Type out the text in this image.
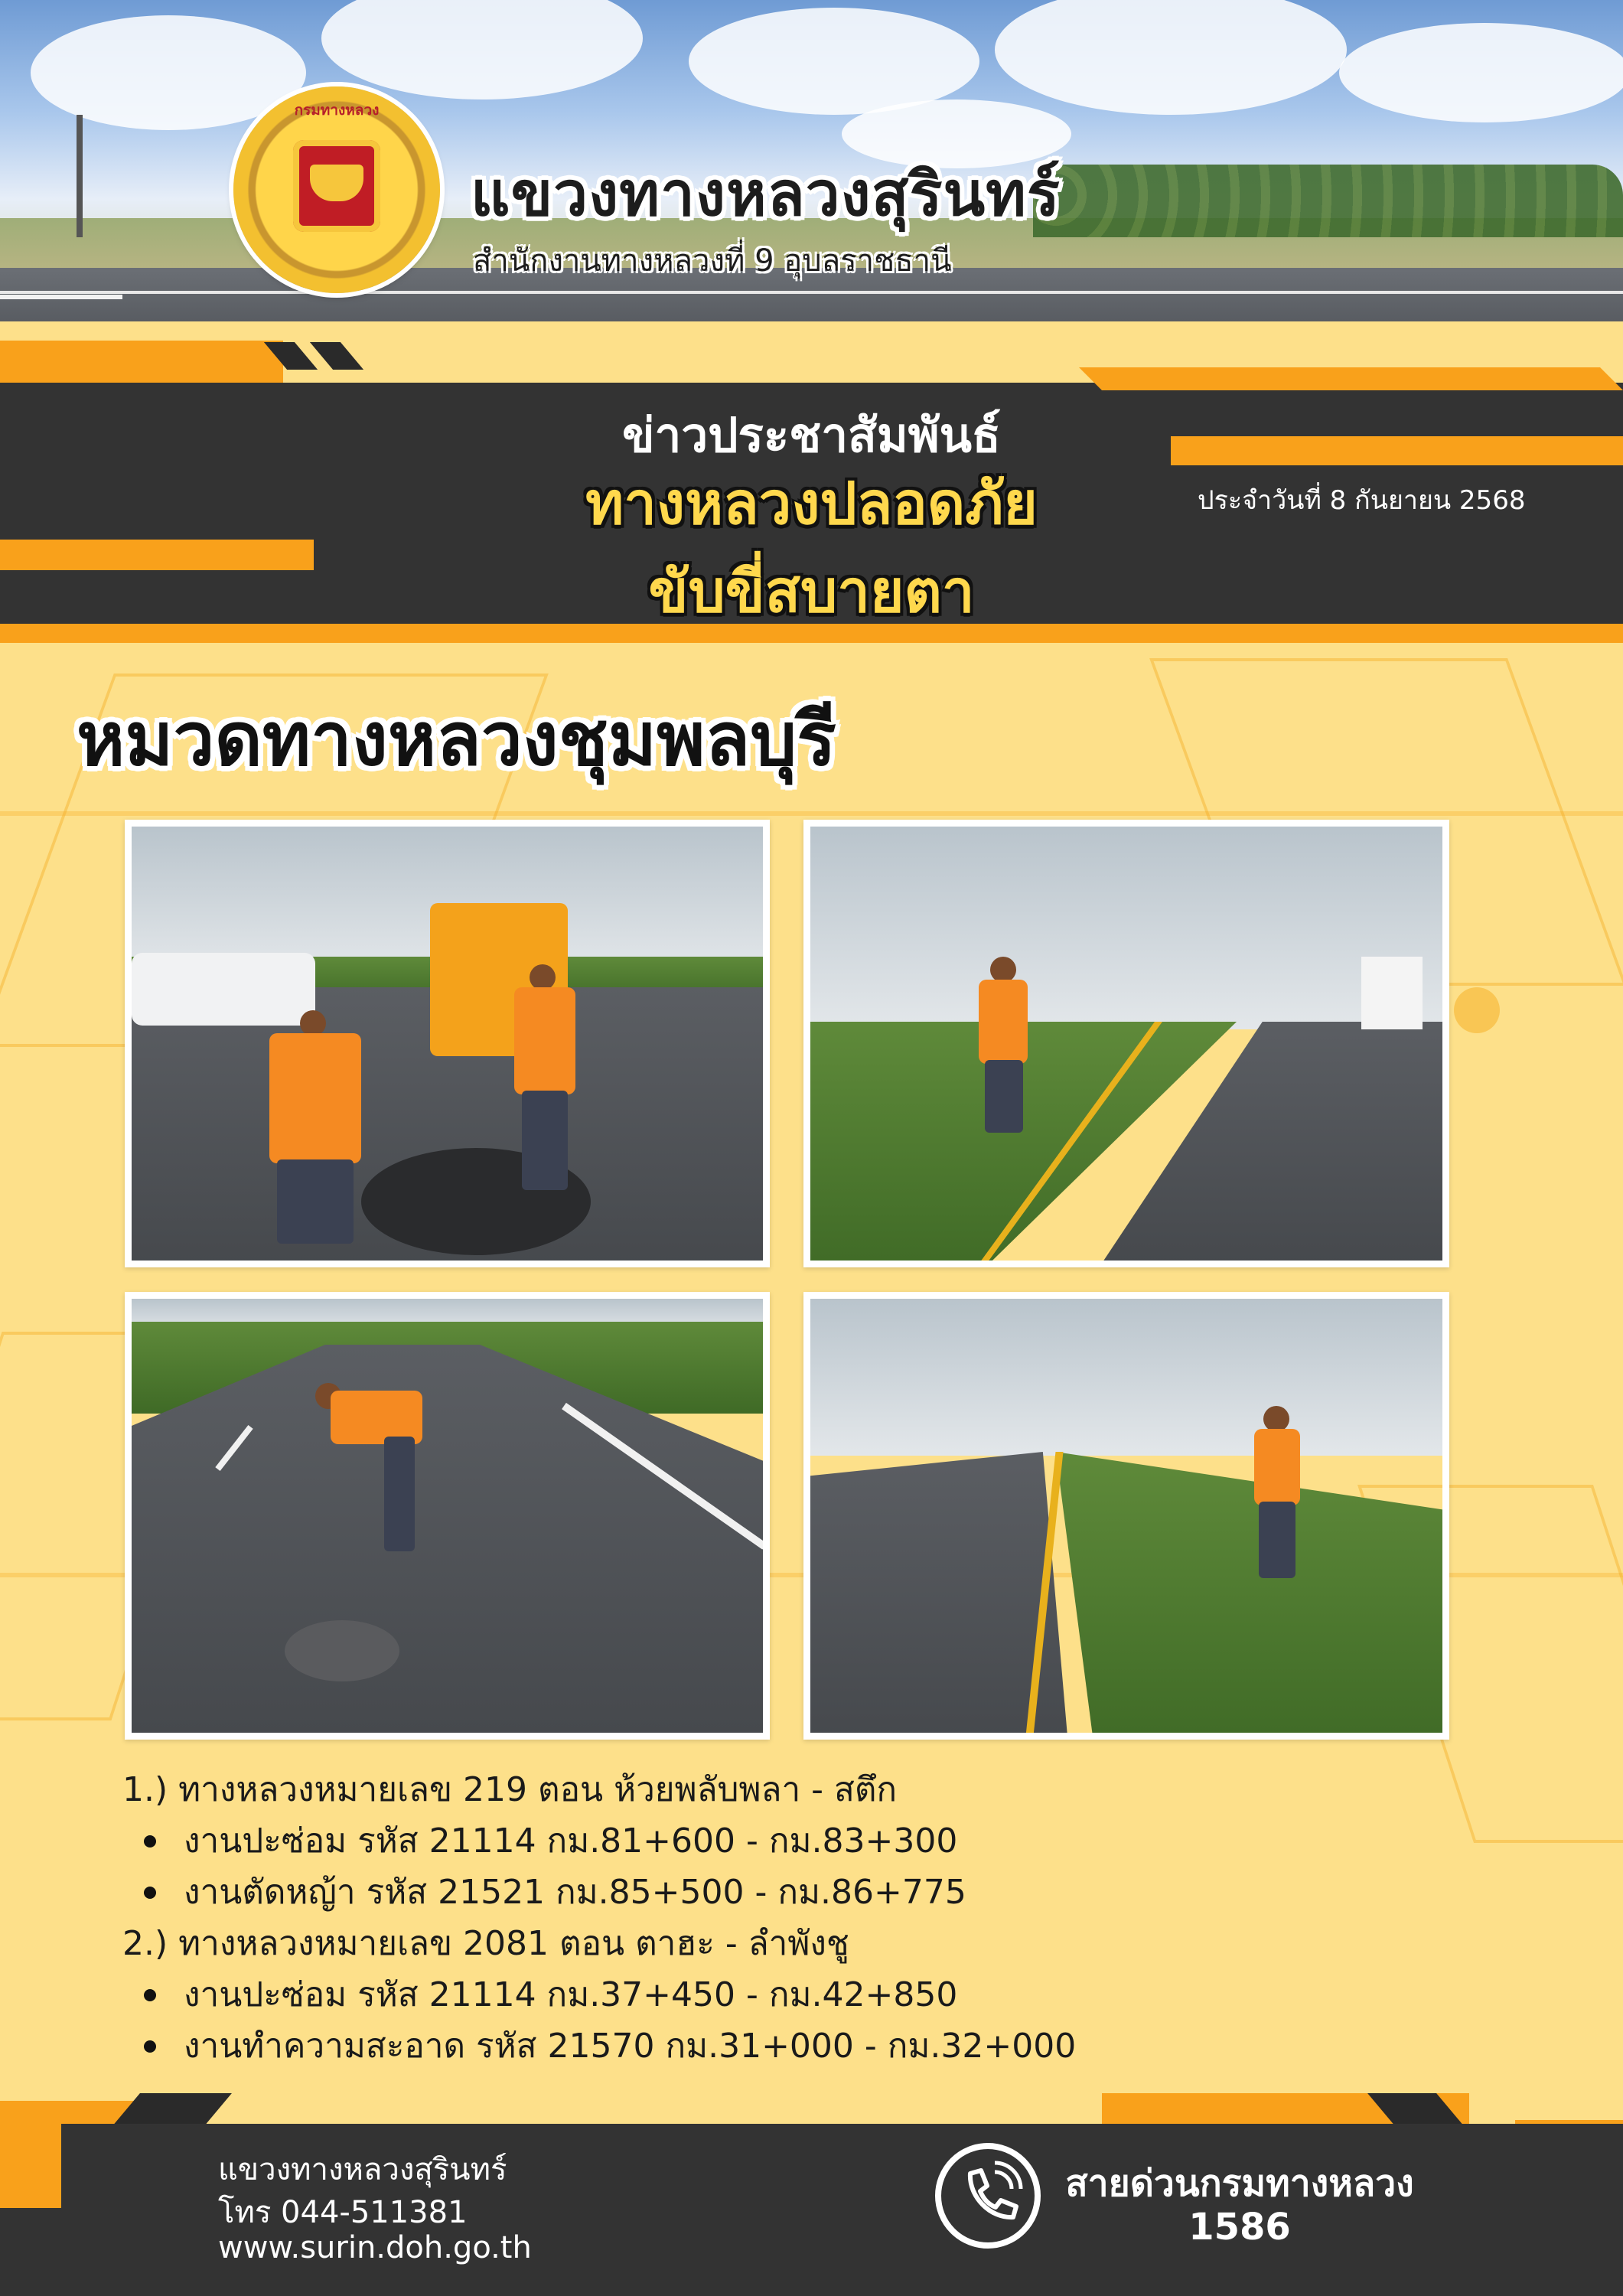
กรมทางหลวง
แขวงทางหลวงสุรินทร์
สำนักงานทางหลวงที่ 9 อุบลราชธานี
ข่าวประชาสัมพันธ์
ทางหลวงปลอดภัย
ขับขี่สบายตา
ประจำวันที่ 8 กันยายน 2568
หมวดทางหลวงชุมพลบุรี
1.) ทางหลวงหมายเลข 219 ตอน ห้วยพลับพลา - สตึก
งานปะซ่อม รหัส 21114 กม.81+600 - กม.83+300
งานตัดหญ้า รหัส 21521 กม.85+500 - กม.86+775
2.) ทางหลวงหมายเลข 2081 ตอน ตาฮะ - ลำพังชู
งานปะซ่อม รหัส 21114 กม.37+450 - กม.42+850
งานทำความสะอาด รหัส 21570 กม.31+000 - กม.32+000
แขวงทางหลวงสุรินทร์
โทร 044-511381
www.surin.doh.go.th
สายด่วนกรมทางหลวง
1586
